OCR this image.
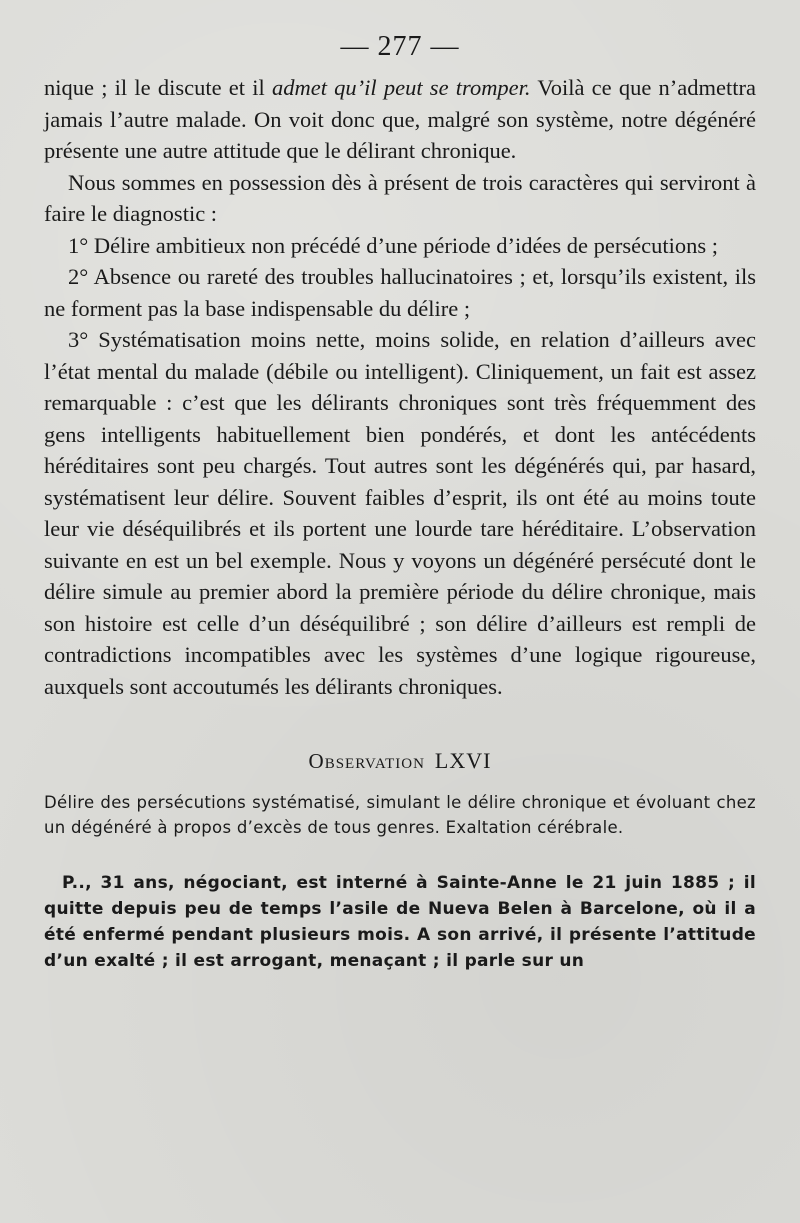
— 277 —

nique ; il le discute et il admet qu’il peut se tromper. Voilà ce que n’admettra jamais l’autre malade. On voit donc que, malgré son système, notre dégénéré présente une autre attitude que le délirant chronique.

Nous sommes en possession dès à présent de trois caractères qui serviront à faire le diagnostic :

1° Délire ambitieux non précédé d’une période d’idées de persécutions ;

2° Absence ou rareté des troubles hallucinatoires ; et, lorsqu’ils existent, ils ne forment pas la base indispensable du délire ;

3° Systématisation moins nette, moins solide, en relation d’ailleurs avec l’état mental du malade (débile ou intelligent). Cliniquement, un fait est assez remarquable : c’est que les délirants chroniques sont très fréquemment des gens intelligents habituellement bien pondérés, et dont les antécédents héréditaires sont peu chargés. Tout autres sont les dégénérés qui, par hasard, systématisent leur délire. Souvent faibles d’esprit, ils ont été au moins toute leur vie déséquilibrés et ils portent une lourde tare héréditaire. L’observation suivante en est un bel exemple. Nous y voyons un dégénéré persécuté dont le délire simule au premier abord la première période du délire chronique, mais son histoire est celle d’un déséquilibré ; son délire d’ailleurs est rempli de contradictions incompatibles avec les systèmes d’une logique rigoureuse, auxquels sont accoutumés les délirants chroniques.

Observation LXVI

Délire des persécutions systématisé, simulant le délire chronique et évoluant chez un dégénéré à propos d’excès de tous genres. Exaltation cérébrale.

P.., 31 ans, négociant, est interné à Sainte-Anne le 21 juin 1885 ; il quitte depuis peu de temps l’asile de Nueva Belen à Barcelone, où il a été enfermé pendant plusieurs mois. A son arrivé, il présente l’attitude d’un exalté ; il est arrogant, menaçant ; il parle sur un
